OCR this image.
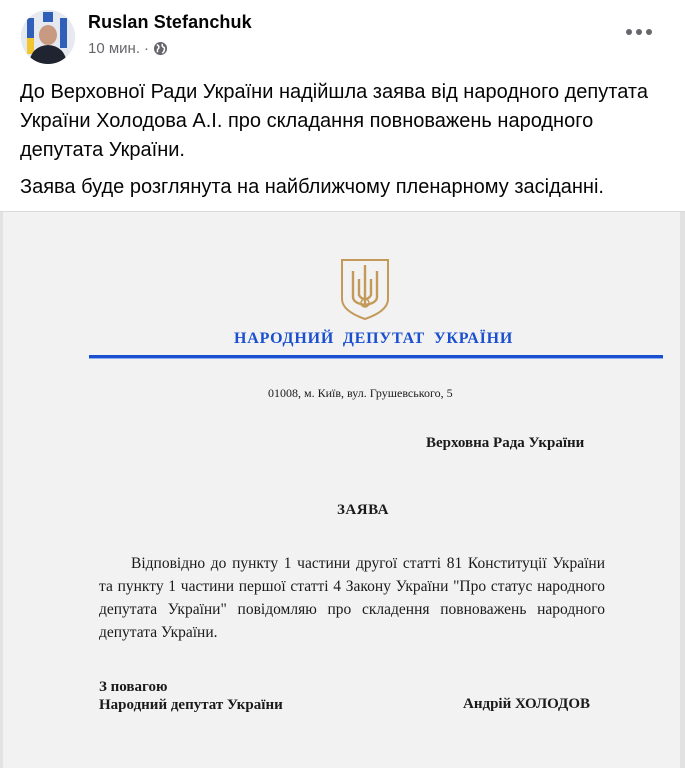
Ruslan Stefanchuk
10 мин. ·

До Верховної Ради України надійшла заява від народного депутата України Холодова А.І. про складання повноважень народного депутата України.

Заява буде розглянута на найближчому пленарному засіданні.

НАРОДНИЙ ДЕПУТАТ УКРАЇНИ
01008, м. Київ, вул. Грушевського, 5
Верховна Рада України
ЗАЯВА
Відповідно до пункту 1 частини другої статті 81 Конституції України та пункту 1 частини першої статті 4 Закону України "Про статус народного депутата України" повідомляю про складення повноважень народного депутата України.
З повагою
Народний депутат України	Андрій ХОЛОДОВ
